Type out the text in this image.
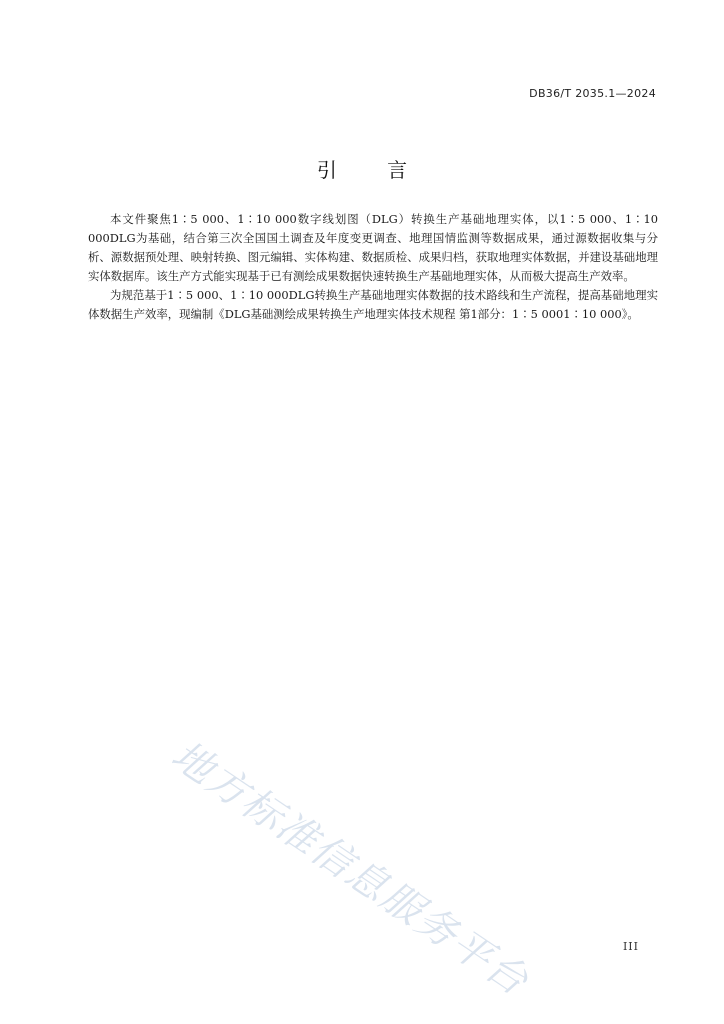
DB36/T 2035.1—2024
引 言

本文件聚焦1∶5 000、1∶10 000数字线划图（DLG）转换生产基础地理实体，以1∶5 000、1∶10 000DLG为基础，结合第三次全国国土调查及年度变更调查、地理国情监测等数据成果，通过源数据收集与分析、源数据预处理、映射转换、图元编辑、实体构建、数据质检、成果归档，获取地理实体数据，并建设基础地理实体数据库。该生产方式能实现基于已有测绘成果数据快速转换生产基础地理实体，从而极大提高生产效率。

为规范基于1∶5 000、1∶10 000DLG转换生产基础地理实体数据的技术路线和生产流程，提高基础地理实体数据生产效率，现编制《DLG基础测绘成果转换生产地理实体技术规程 第1部分：1∶5 0001∶10 000》。

地方标准信息服务平台	III
